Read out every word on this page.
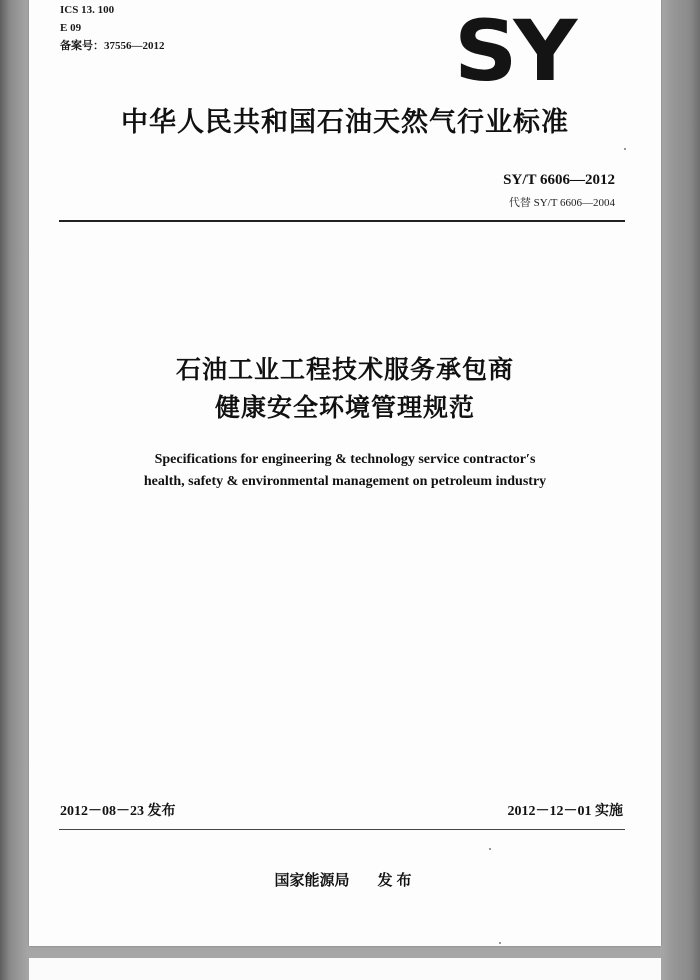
ICS 13. 100
E 09
备案号：37556—2012	SY
中华人民共和国石油天然气行业标准
SY/T 6606—2012
代替 SY/T 6606—2004
石油工业工程技术服务承包商
健康安全环境管理规范
Specifications for engineering & technology service contractor′s
health, safety & environmental management on petroleum industry
2012－08－23 发布	2012－12－01 实施
国家能源局 发布
